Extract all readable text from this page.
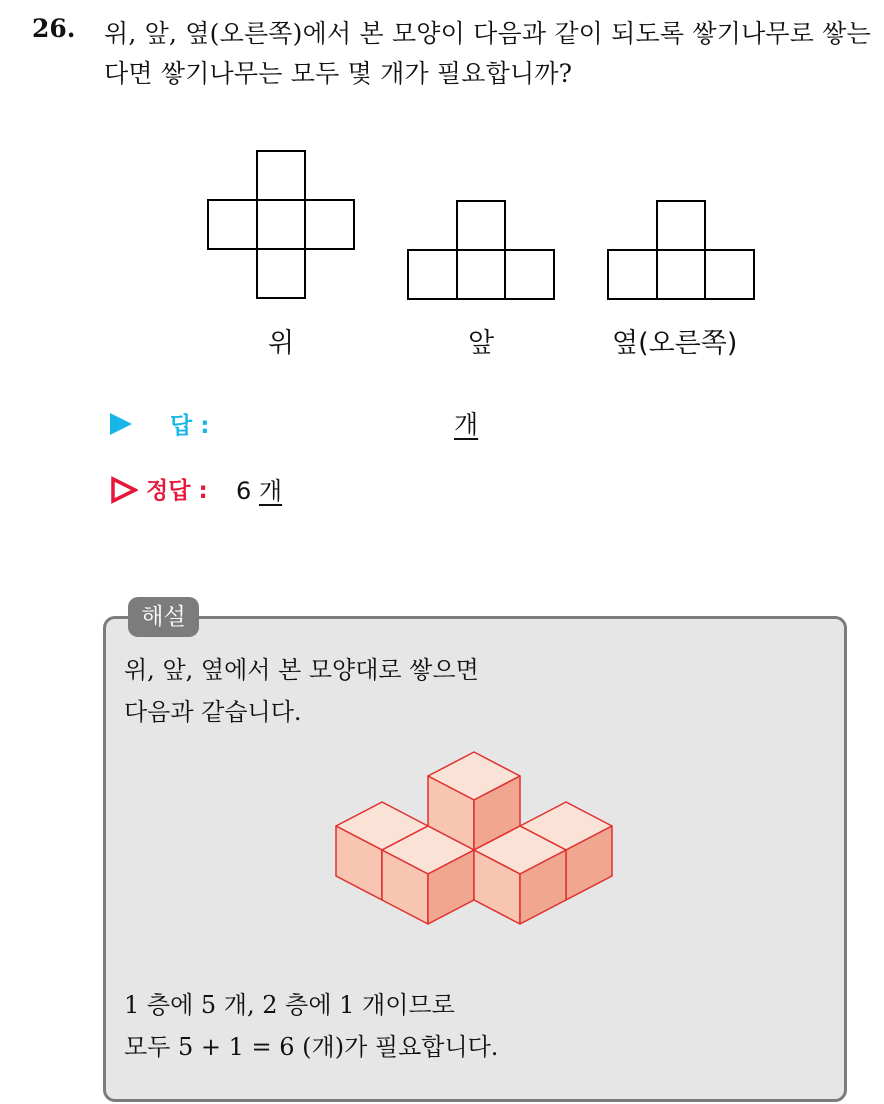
26. 위, 앞, 옆(오른쪽)에서 본 모양이 다음과 같이 되도록 쌓기나무로 쌓는다면 쌓기나무는 모두 몇 개가 필요합니까?
위	앞	옆(오른쪽)
답 :	개
정답 : 6 개
해설
위, 앞, 옆에서 본 모양대로 쌓으면
다음과 같습니다.
1 층에 5 개, 2 층에 1 개이므로
모두 5 + 1 = 6 (개)가 필요합니다.
